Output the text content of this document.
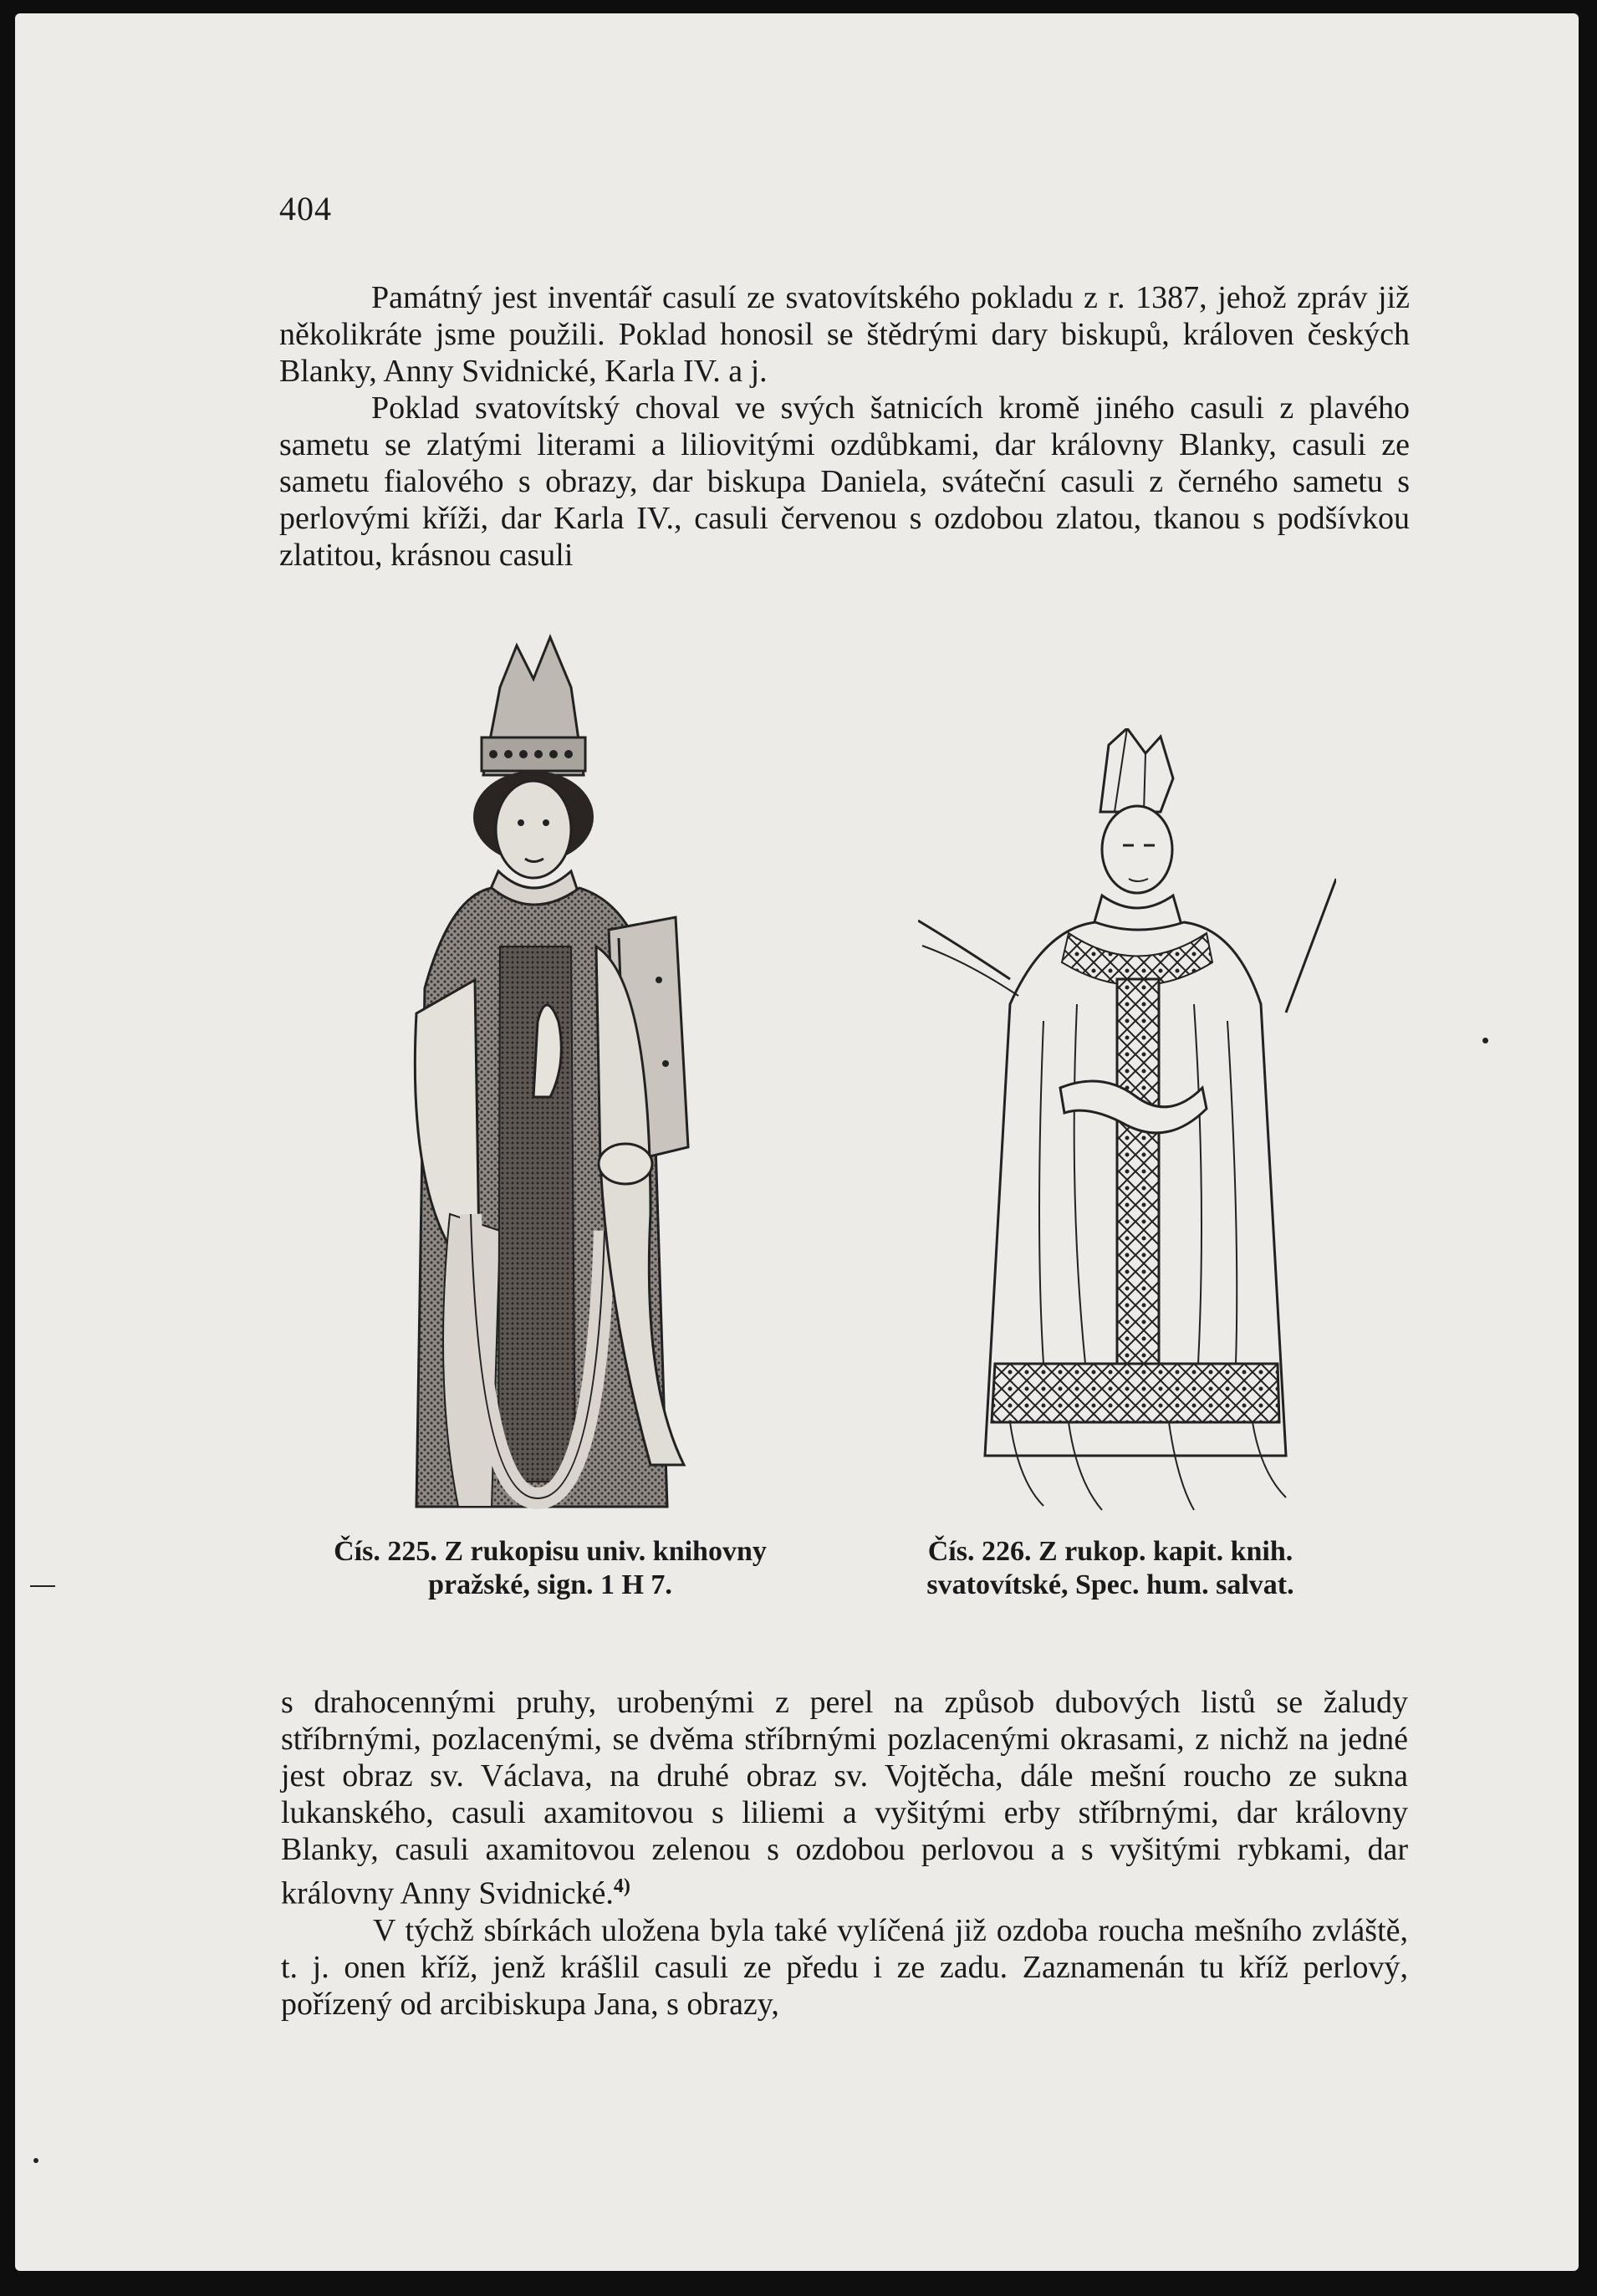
404

Památný jest inventář casulí ze svatovítského pokladu z r. 1387, jehož zpráv již několikráte jsme použili. Poklad honosil se štědrými dary biskupů, královen českých Blanky, Anny Svidnické, Karla IV. a j.

Poklad svatovítský choval ve svých šatnicích kromě jiného casuli z plavého sametu se zlatými literami a liliovitými ozdůbkami, dar královny Blanky, casuli ze sametu fialového s obrazy, dar biskupa Daniela, sváteční casuli z černého sametu s perlovými kříži, dar Karla IV., casuli červenou s ozdobou zlatou, tkanou s podšívkou zlatitou, krásnou casuli

Čís. 225. Z rukopisu univ. knihovny
pražské, sign. 1 H 7.
Čís. 226. Z rukop. kapit. knih.
svatovítské, Spec. hum. salvat.

s drahocennými pruhy, urobenými z perel na způsob dubových listů se žaludy stříbrnými, pozlacenými, se dvěma stříbrnými pozlacenými okrasami, z nichž na jedné jest obraz sv. Václava, na druhé obraz sv. Vojtěcha, dále mešní roucho ze sukna lukanského, casuli axamitovou s liliemi a vyšitými erby stříbrnými, dar královny Blanky, casuli axamitovou zelenou s ozdobou perlovou a s vyšitými rybkami, dar královny Anny Svidnické.$^{4)}$

V týchž sbírkách uložena byla také vylíčená již ozdoba roucha mešního zvláště, t. j. onen kříž, jenž krášlil casuli ze předu i ze zadu. Zaznamenán tu kříž perlový, pořízený od arcibiskupa Jana, s obrazy,
